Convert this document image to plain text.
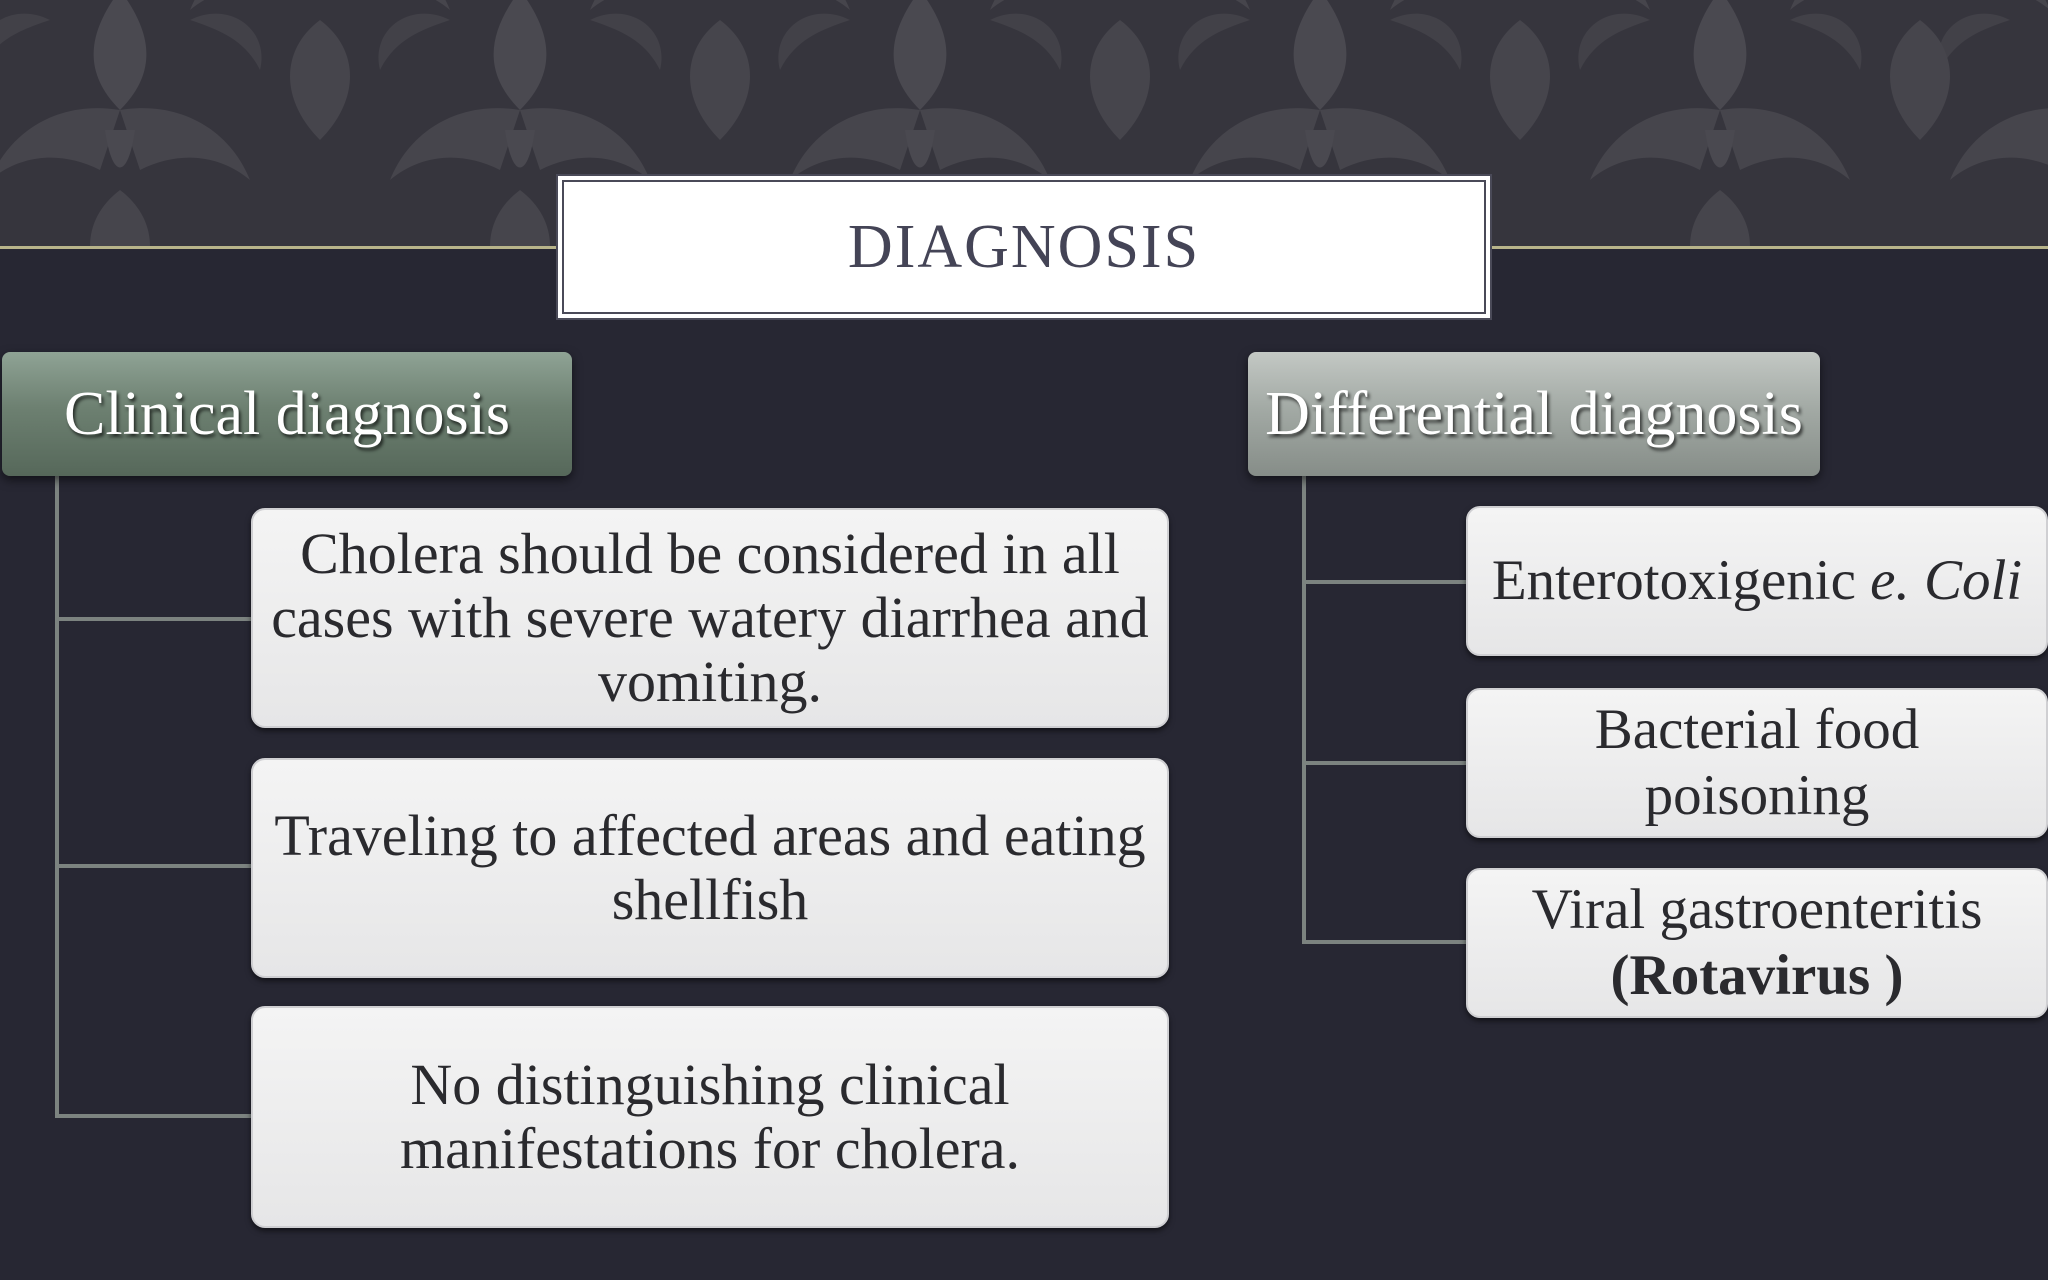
DIAGNOSIS
Clinical diagnosis	Differential diagnosis
Cholera should be considered in all cases with severe watery diarrhea and vomiting.
Traveling to affected areas and eating shellfish
No distinguishing clinical manifestations for cholera.
Enterotoxigenic e. Coli
Bacterial food poisoning
Viral gastroenteritis
(Rotavirus )
